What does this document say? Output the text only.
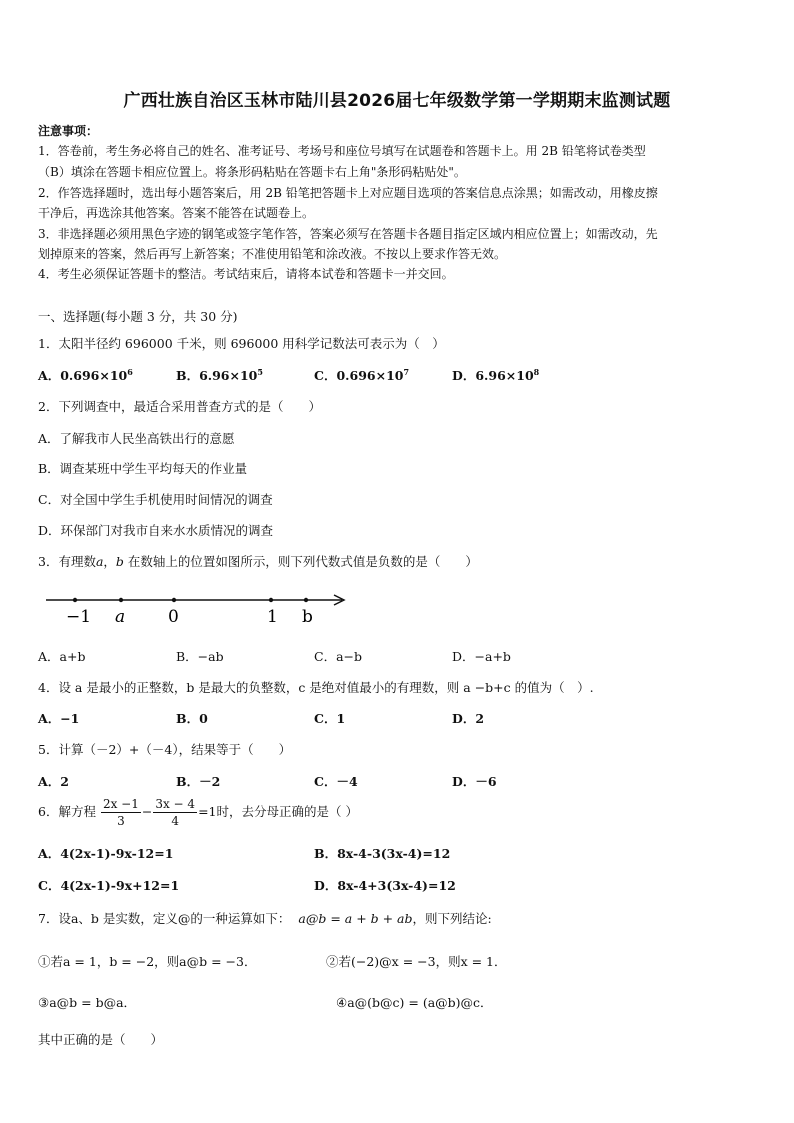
广西壮族自治区玉林市陆川县2026届七年级数学第一学期期末监测试题
注意事项：
1．答卷前，考生务必将自己的姓名、准考证号、考场号和座位号填写在试题卷和答题卡上。用 2B 铅笔将试卷类型
（B）填涂在答题卡相应位置上。将条形码粘贴在答题卡右上角"条形码粘贴处"。
2．作答选择题时，选出每小题答案后，用 2B 铅笔把答题卡上对应题目选项的答案信息点涂黑；如需改动，用橡皮擦
干净后，再选涂其他答案。答案不能答在试题卷上。
3．非选择题必须用黑色字迹的钢笔或签字笔作答，答案必须写在答题卡各题目指定区域内相应位置上；如需改动，先
划掉原来的答案，然后再写上新答案；不准使用铅笔和涂改液。不按以上要求作答无效。
4．考生必须保证答题卡的整洁。考试结束后，请将本试卷和答题卡一并交回。
一、选择题(每小题 3 分，共 30 分)
1．太阳半径约 696000 千米，则 696000 用科学记数法可表示为（　）
A．$0.696\times 10^6$	B．$6.96\times 10^5$	C．$0.696\times 10^7$	D．$6.96\times 10^8$
2．下列调查中，最适合采用普查方式的是（　　）
A．了解我市人民坐高铁出行的意愿
B．调查某班中学生平均每天的作业量
C．对全国中学生手机使用时间情况的调查
D．环保部门对我市自来水水质情况的调查
3．有理数a，b 在数轴上的位置如图所示，则下列代数式值是负数的是（　　）
−1 a	0	1 b
A．a+b	B．−ab	C．a−b	D．−a+b
4．设 a 是最小的正整数，b 是最大的负整数，c 是绝对值最小的有理数，则 a −b+c 的值为（　）.
A．−1	B．0	C．1	D．2
5．计算（－2）+（－4），结果等于（　　）
A．2	B．－2	C．－4	D．－6
6．解方程 $\frac{2x -1}{3} - \frac{3x - 4}{4} =1$时，去分母正确的是（ ）
A．4(2x-1)-9x-12=1	B．8x-4-3(3x-4)=12
C．4(2x-1)-9x+12=1	D．8x-4+3(3x-4)=12
7．设a、b 是实数，定义@的一种运算如下： a@b = a + b + ab，则下列结论:
①若a = 1，b = −2，则a@b = −3．	②若(−2)@x = −3，则x = 1．
③a@b = b@a．	④a@(b@c) = (a@b)@c．
其中正确的是（　　）
